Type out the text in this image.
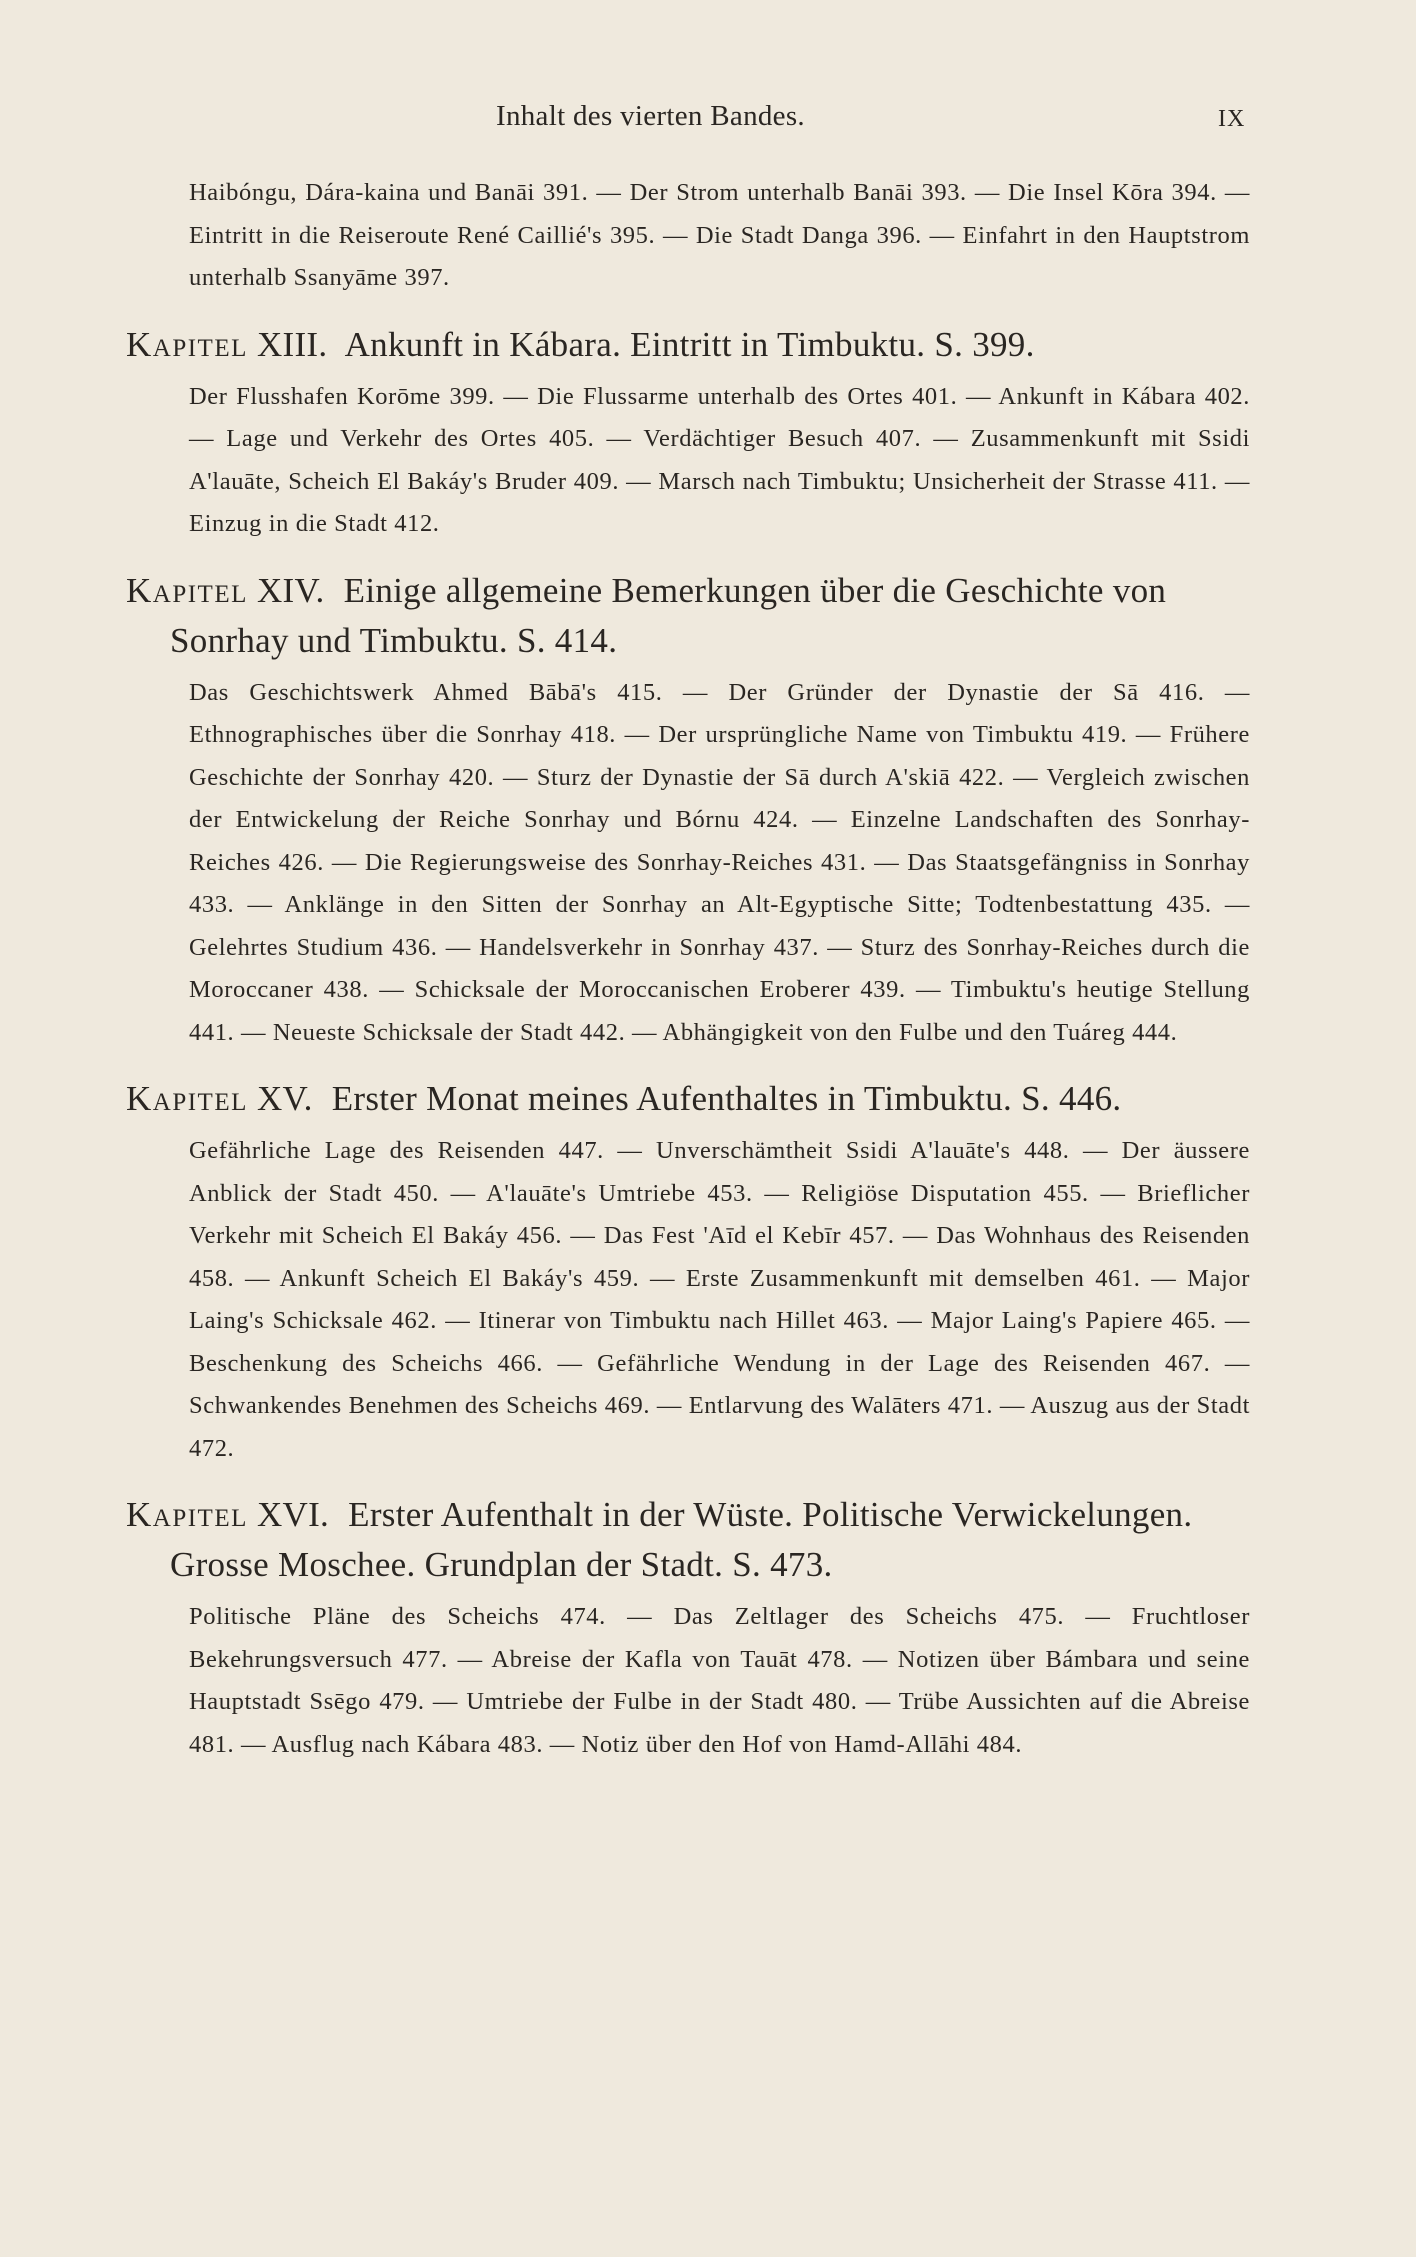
Inhalt des vierten Bandes.	IX

Haibóngu, Dára-kaina und Banāi 391. — Der Strom unterhalb Banāi 393. — Die Insel Kōra 394. — Eintritt in die Reiseroute René Caillié's 395. — Die Stadt Danga 396. — Einfahrt in den Hauptstrom unterhalb Ssanyāme 397.

Kapitel XIII. Ankunft in Kábara. Eintritt in Timbuktu. S. 399.

Der Flusshafen Korōme 399. — Die Flussarme unterhalb des Ortes 401. — Ankunft in Kábara 402. — Lage und Verkehr des Ortes 405. — Verdächtiger Besuch 407. — Zusammenkunft mit Ssidi A'lauāte, Scheich El Bakáy's Bruder 409. — Marsch nach Timbuktu; Unsicherheit der Strasse 411. — Einzug in die Stadt 412.

Kapitel XIV. Einige allgemeine Bemerkungen über die Geschichte von Sonrhay und Timbuktu. S. 414.

Das Geschichtswerk Ahmed Bābā's 415. — Der Gründer der Dynastie der Sā 416. — Ethnographisches über die Sonrhay 418. — Der ursprüngliche Name von Timbuktu 419. — Frühere Geschichte der Sonrhay 420. — Sturz der Dynastie der Sā durch A'skiā 422. — Vergleich zwischen der Entwickelung der Reiche Sonrhay und Bórnu 424. — Einzelne Landschaften des Sonrhay-Reiches 426. — Die Regierungsweise des Sonrhay-Reiches 431. — Das Staatsgefängniss in Sonrhay 433. — Anklänge in den Sitten der Sonrhay an Alt-Egyptische Sitte; Todtenbestattung 435. — Gelehrtes Studium 436. — Handelsverkehr in Sonrhay 437. — Sturz des Sonrhay-Reiches durch die Moroccaner 438. — Schicksale der Moroccanischen Eroberer 439. — Timbuktu's heutige Stellung 441. — Neueste Schicksale der Stadt 442. — Abhängigkeit von den Fulbe und den Tuáreg 444.

Kapitel XV. Erster Monat meines Aufenthaltes in Timbuktu. S. 446.

Gefährliche Lage des Reisenden 447. — Unverschämtheit Ssidi A'lauāte's 448. — Der äussere Anblick der Stadt 450. — A'lauāte's Umtriebe 453. — Religiöse Disputation 455. — Brieflicher Verkehr mit Scheich El Bakáy 456. — Das Fest 'Aīd el Kebīr 457. — Das Wohnhaus des Reisenden 458. — Ankunft Scheich El Bakáy's 459. — Erste Zusammenkunft mit demselben 461. — Major Laing's Schicksale 462. — Itinerar von Timbuktu nach Hillet 463. — Major Laing's Papiere 465. — Beschenkung des Scheichs 466. — Gefährliche Wendung in der Lage des Reisenden 467. — Schwankendes Benehmen des Scheichs 469. — Entlarvung des Walāters 471. — Auszug aus der Stadt 472.

Kapitel XVI. Erster Aufenthalt in der Wüste. Politische Verwickelungen. Grosse Moschee. Grundplan der Stadt. S. 473.

Politische Pläne des Scheichs 474. — Das Zeltlager des Scheichs 475. — Fruchtloser Bekehrungsversuch 477. — Abreise der Kafla von Tauāt 478. — Notizen über Bámbara und seine Hauptstadt Ssēgo 479. — Umtriebe der Fulbe in der Stadt 480. — Trübe Aussichten auf die Abreise 481. — Ausflug nach Kábara 483. — Notiz über den Hof von Hamd-Allāhi 484.
